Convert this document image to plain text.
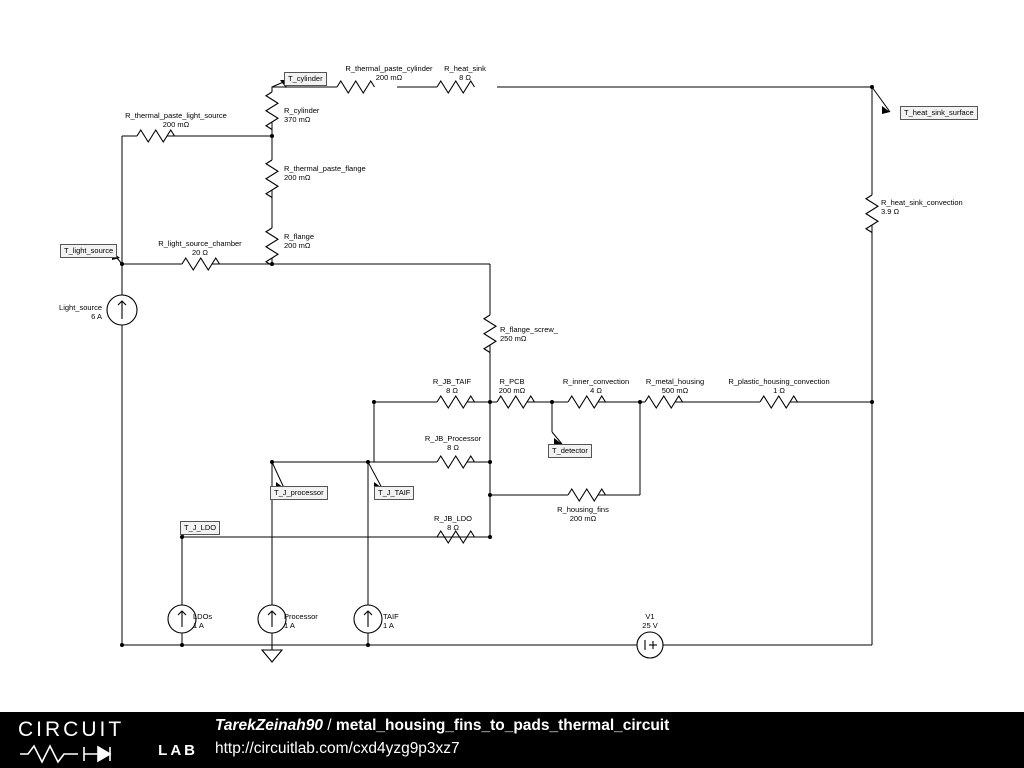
R_thermal_paste_cylinder
200 mΩ
R_heat_sink
8 Ω
R_thermal_paste_light_source
200 mΩ
R_cylinder
370 mΩ
R_thermal_paste_flange
200 mΩ
R_flange
200 mΩ
R_light_source_chamber
20 Ω
R_heat_sink_convection
3.9 Ω
R_flange_screw_
250 mΩ
R_JB_TAIF
8 Ω
R_PCB
200 mΩ
R_inner_convection
4 Ω
R_metal_housing
500 mΩ
R_plastic_housing_convection
1 Ω
R_JB_Processor
8 Ω
R_JB_LDO
8 Ω
R_housing_fins
200 mΩ
Light_source
6 A
LDOs
1 A
Processor
1 A
TAIF
1 A
V1
25 V
T_cylinder
T_heat_sink_surface
T_light_source
T_detector
T_J_processor	T_J_TAIF
T_J_LDO
CIRCUIT
LAB
TarekZeinah90 / metal_housing_fins_to_pads_thermal_circuit
http://circuitlab.com/cxd4yzg9p3xz7
